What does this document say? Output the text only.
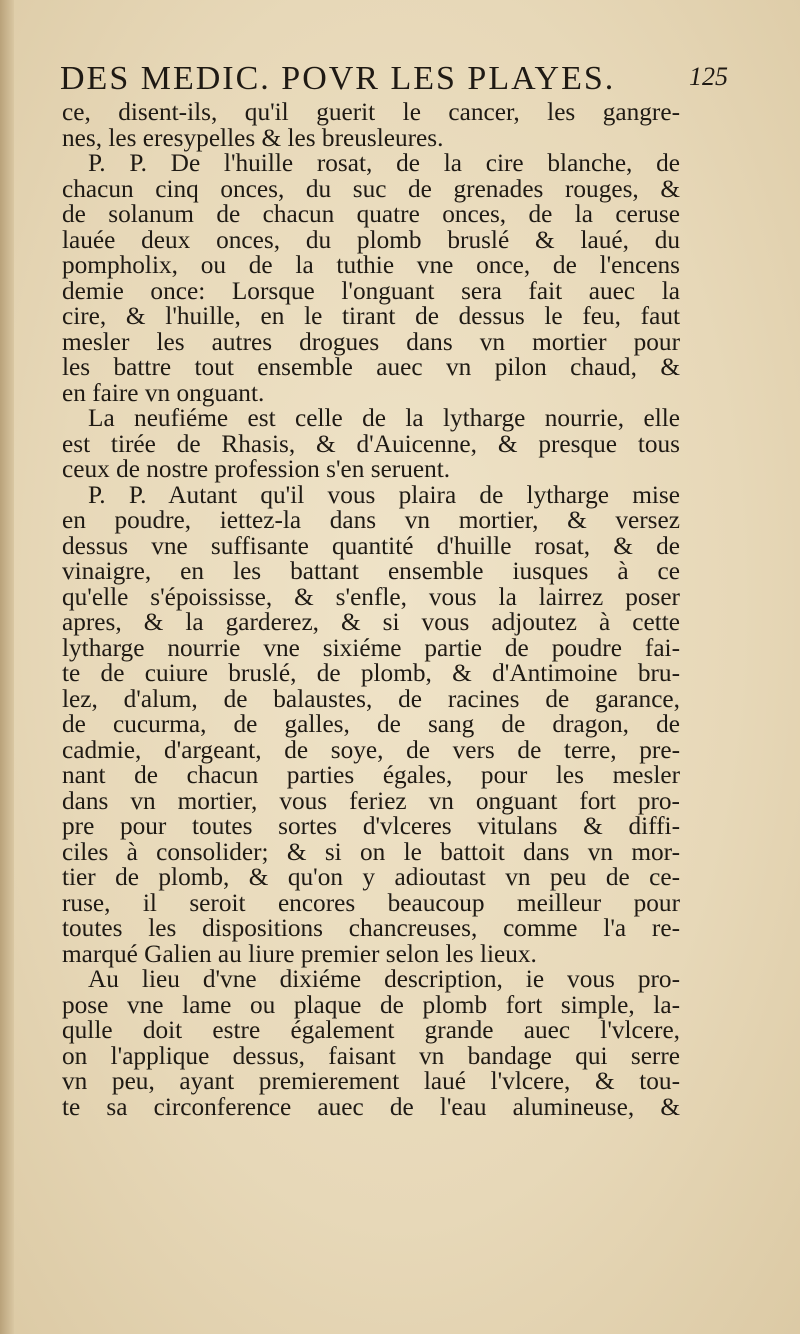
DES MEDIC. POVR LES PLAYES.	125
ce, disent-ils, qu'il guerit le cancer, les gangre-
nes, les eresypelles & les breusleures.
P. P. De l'huille rosat, de la cire blanche, de
chacun cinq onces, du suc de grenades rouges, &
de solanum de chacun quatre onces, de la ceruse
lauée deux onces, du plomb bruslé & laué, du
pompholix, ou de la tuthie vne once, de l'encens
demie once: Lorsque l'onguant sera fait auec la
cire, & l'huille, en le tirant de dessus le feu, faut
mesler les autres drogues dans vn mortier pour
les battre tout ensemble auec vn pilon chaud, &
en faire vn onguant.
La neufiéme est celle de la lytharge nourrie, elle
est tirée de Rhasis, & d'Auicenne, & presque tous
ceux de nostre profession s'en seruent.
P. P. Autant qu'il vous plaira de lytharge mise
en poudre, iettez-la dans vn mortier, & versez
dessus vne suffisante quantité d'huille rosat, & de
vinaigre, en les battant ensemble iusques à ce
qu'elle s'époississe, & s'enfle, vous la lairrez poser
apres, & la garderez, & si vous adjoutez à cette
lytharge nourrie vne sixiéme partie de poudre fai-
te de cuiure bruslé, de plomb, & d'Antimoine bru-
lez, d'alum, de balaustes, de racines de garance,
de cucurma, de galles, de sang de dragon, de
cadmie, d'argeant, de soye, de vers de terre, pre-
nant de chacun parties égales, pour les mesler
dans vn mortier, vous feriez vn onguant fort pro-
pre pour toutes sortes d'vlceres vitulans & diffi-
ciles à consolider; & si on le battoit dans vn mor-
tier de plomb, & qu'on y adioutast vn peu de ce-
ruse, il seroit encores beaucoup meilleur pour
toutes les dispositions chancreuses, comme l'a re-
marqué Galien au liure premier selon les lieux.
Au lieu d'vne dixiéme description, ie vous pro-
pose vne lame ou plaque de plomb fort simple, la-
qulle doit estre également grande auec l'vlcere,
on l'applique dessus, faisant vn bandage qui serre
vn peu, ayant premierement laué l'vlcere, & tou-
te sa circonference auec de l'eau alumineuse, &
